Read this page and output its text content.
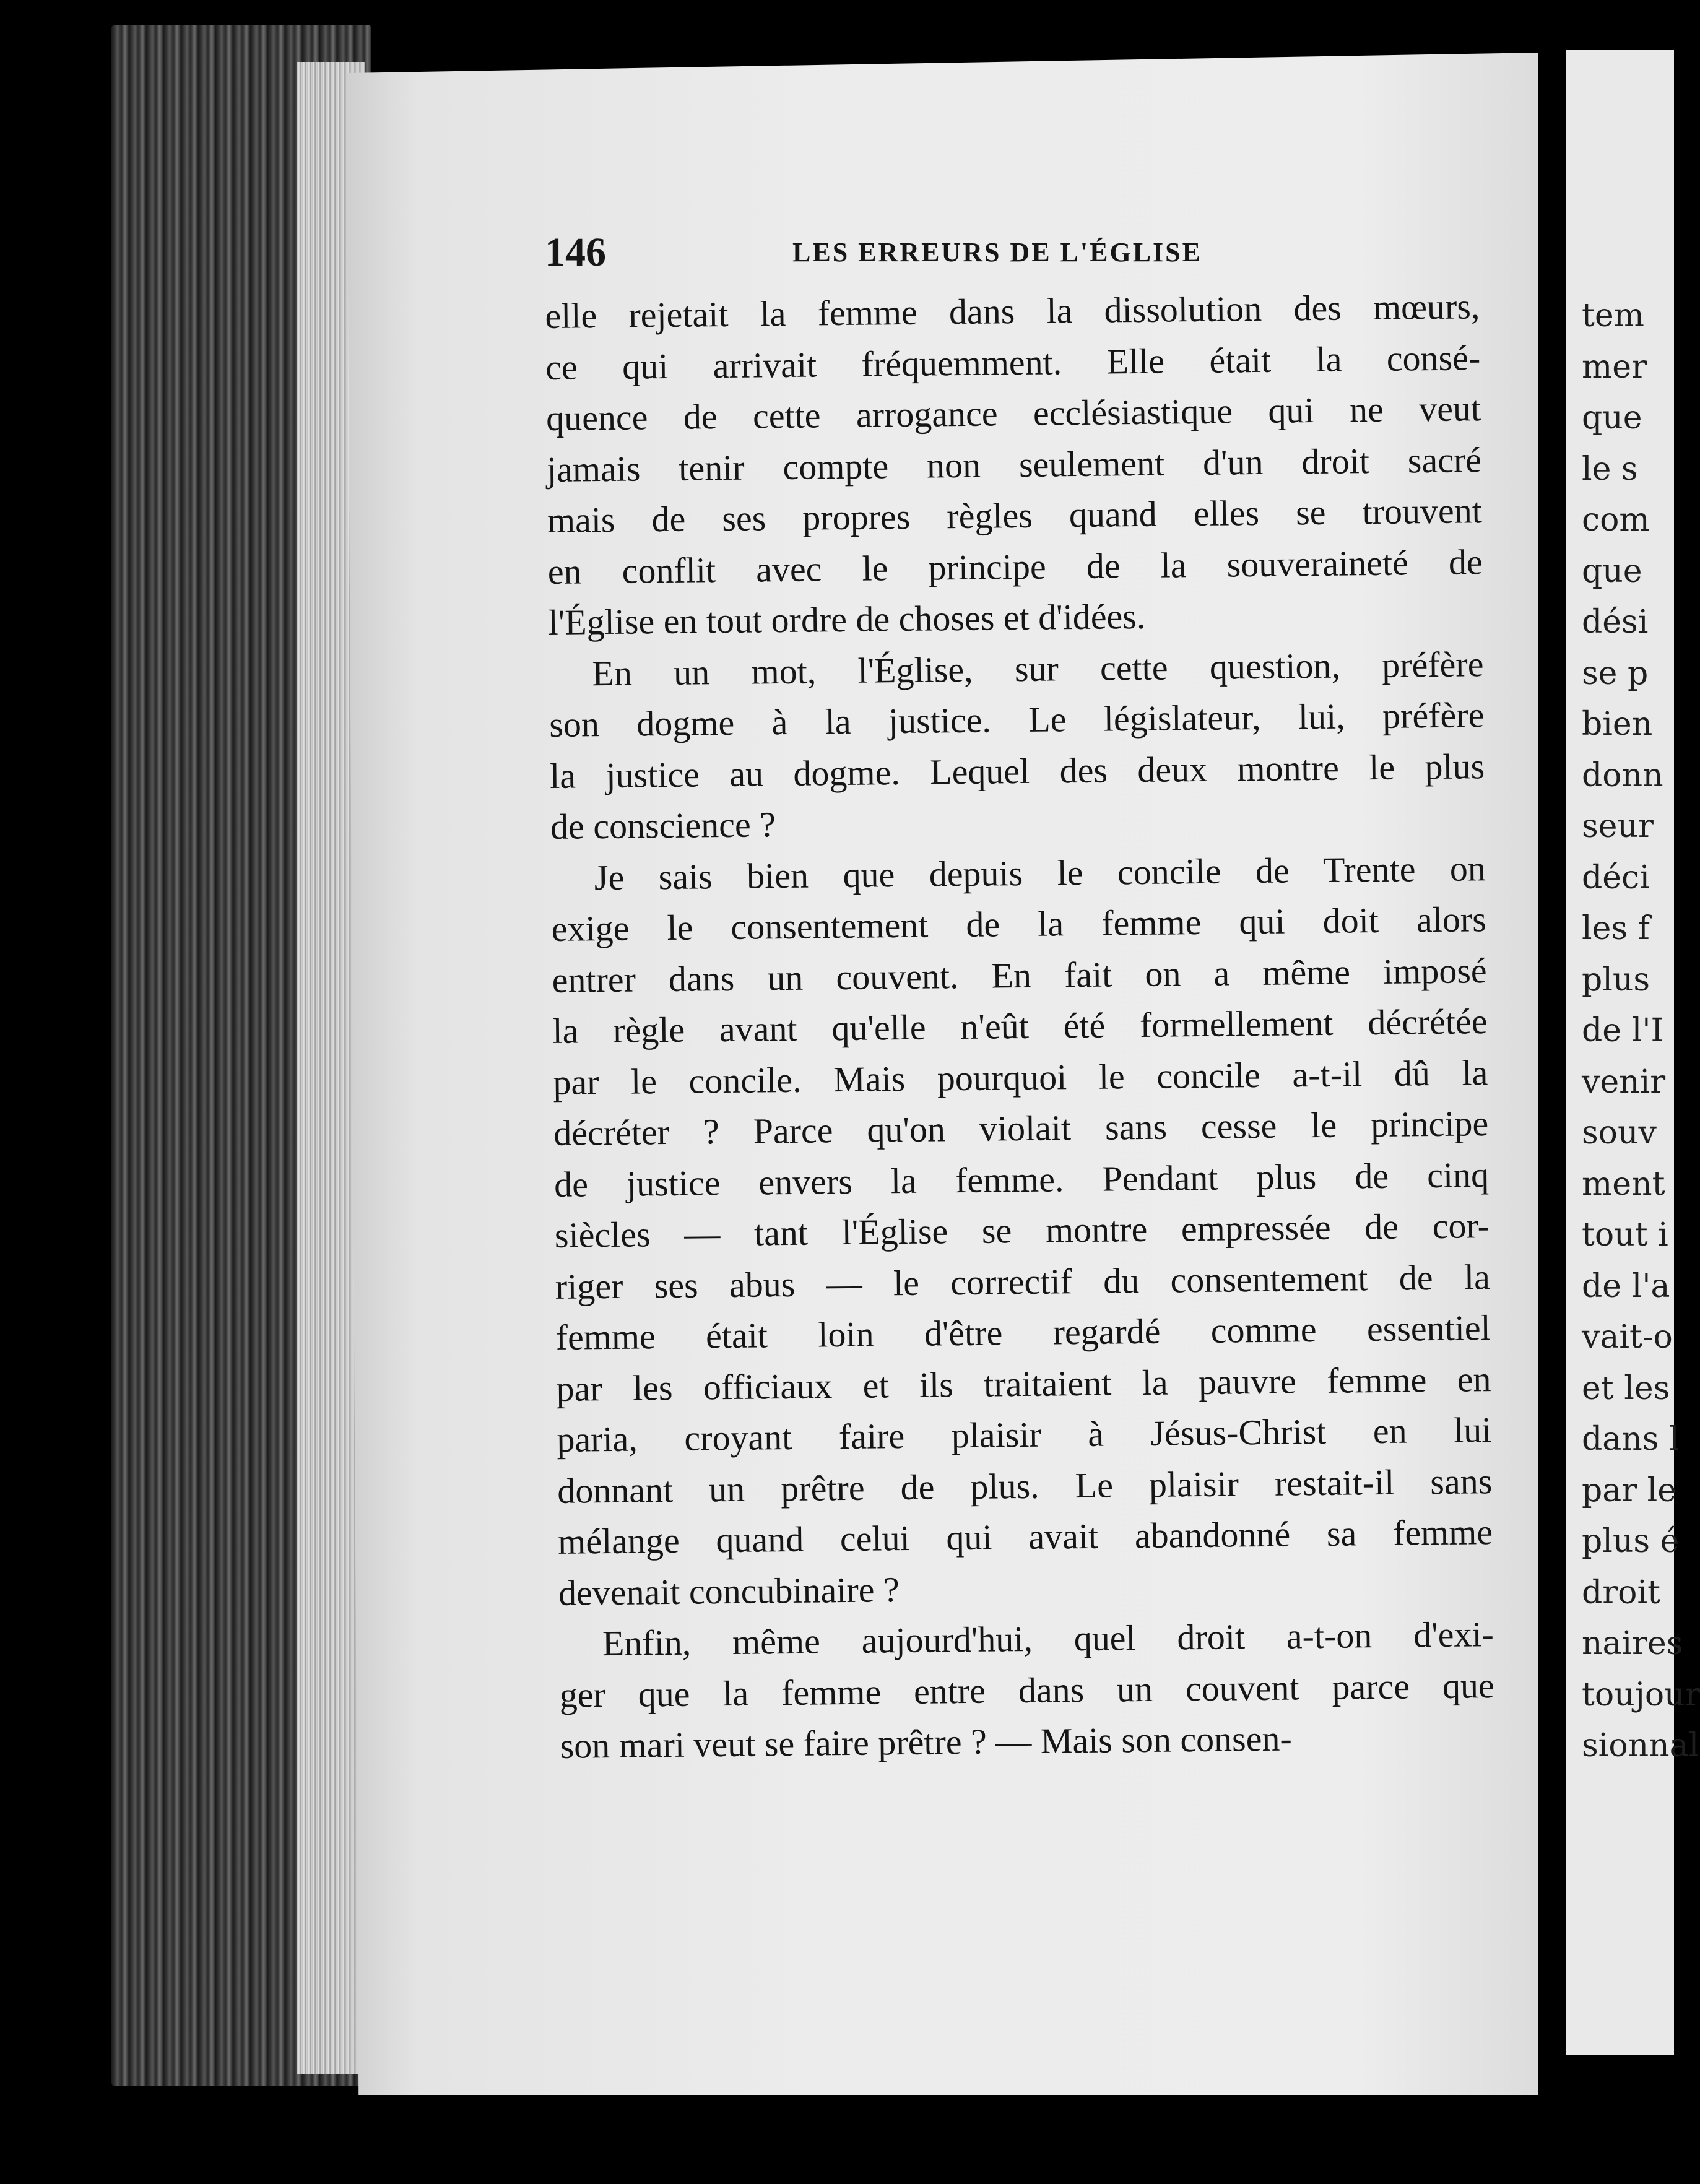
tem
mer
que
le s
com
que
dési
se p
bien
donn
seur
déci
les f
plus
de l'I
venir
souv
ment
tout i
de l'a
vait-o
et les
dans l
par le
plus é
droit
naires
toujour
sionnal
146	LES ERREURS DE L'ÉGLISE
elle rejetait la femme dans la dissolution des mœurs,
ce qui arrivait fréquemment. Elle était la consé-
quence de cette arrogance ecclésiastique qui ne veut
jamais tenir compte non seulement d'un droit sacré
mais de ses propres règles quand elles se trouvent
en conflit avec le principe de la souveraineté de
l'Église en tout ordre de choses et d'idées.
En un mot, l'Église, sur cette question, préfère
son dogme à la justice. Le législateur, lui, préfère
la justice au dogme. Lequel des deux montre le plus
de conscience ?
Je sais bien que depuis le concile de Trente on
exige le consentement de la femme qui doit alors
entrer dans un couvent. En fait on a même imposé
la règle avant qu'elle n'eût été formellement décrétée
par le concile. Mais pourquoi le concile a-t-il dû la
décréter ? Parce qu'on violait sans cesse le principe
de justice envers la femme. Pendant plus de cinq
siècles — tant l'Église se montre empressée de cor-
riger ses abus — le correctif du consentement de la
femme était loin d'être regardé comme essentiel
par les officiaux et ils traitaient la pauvre femme en
paria, croyant faire plaisir à Jésus-Christ en lui
donnant un prêtre de plus. Le plaisir restait-il sans
mélange quand celui qui avait abandonné sa femme
devenait concubinaire ?
Enfin, même aujourd'hui, quel droit a-t-on d'exi-
ger que la femme entre dans un couvent parce que
son mari veut se faire prêtre ? — Mais son consen-
